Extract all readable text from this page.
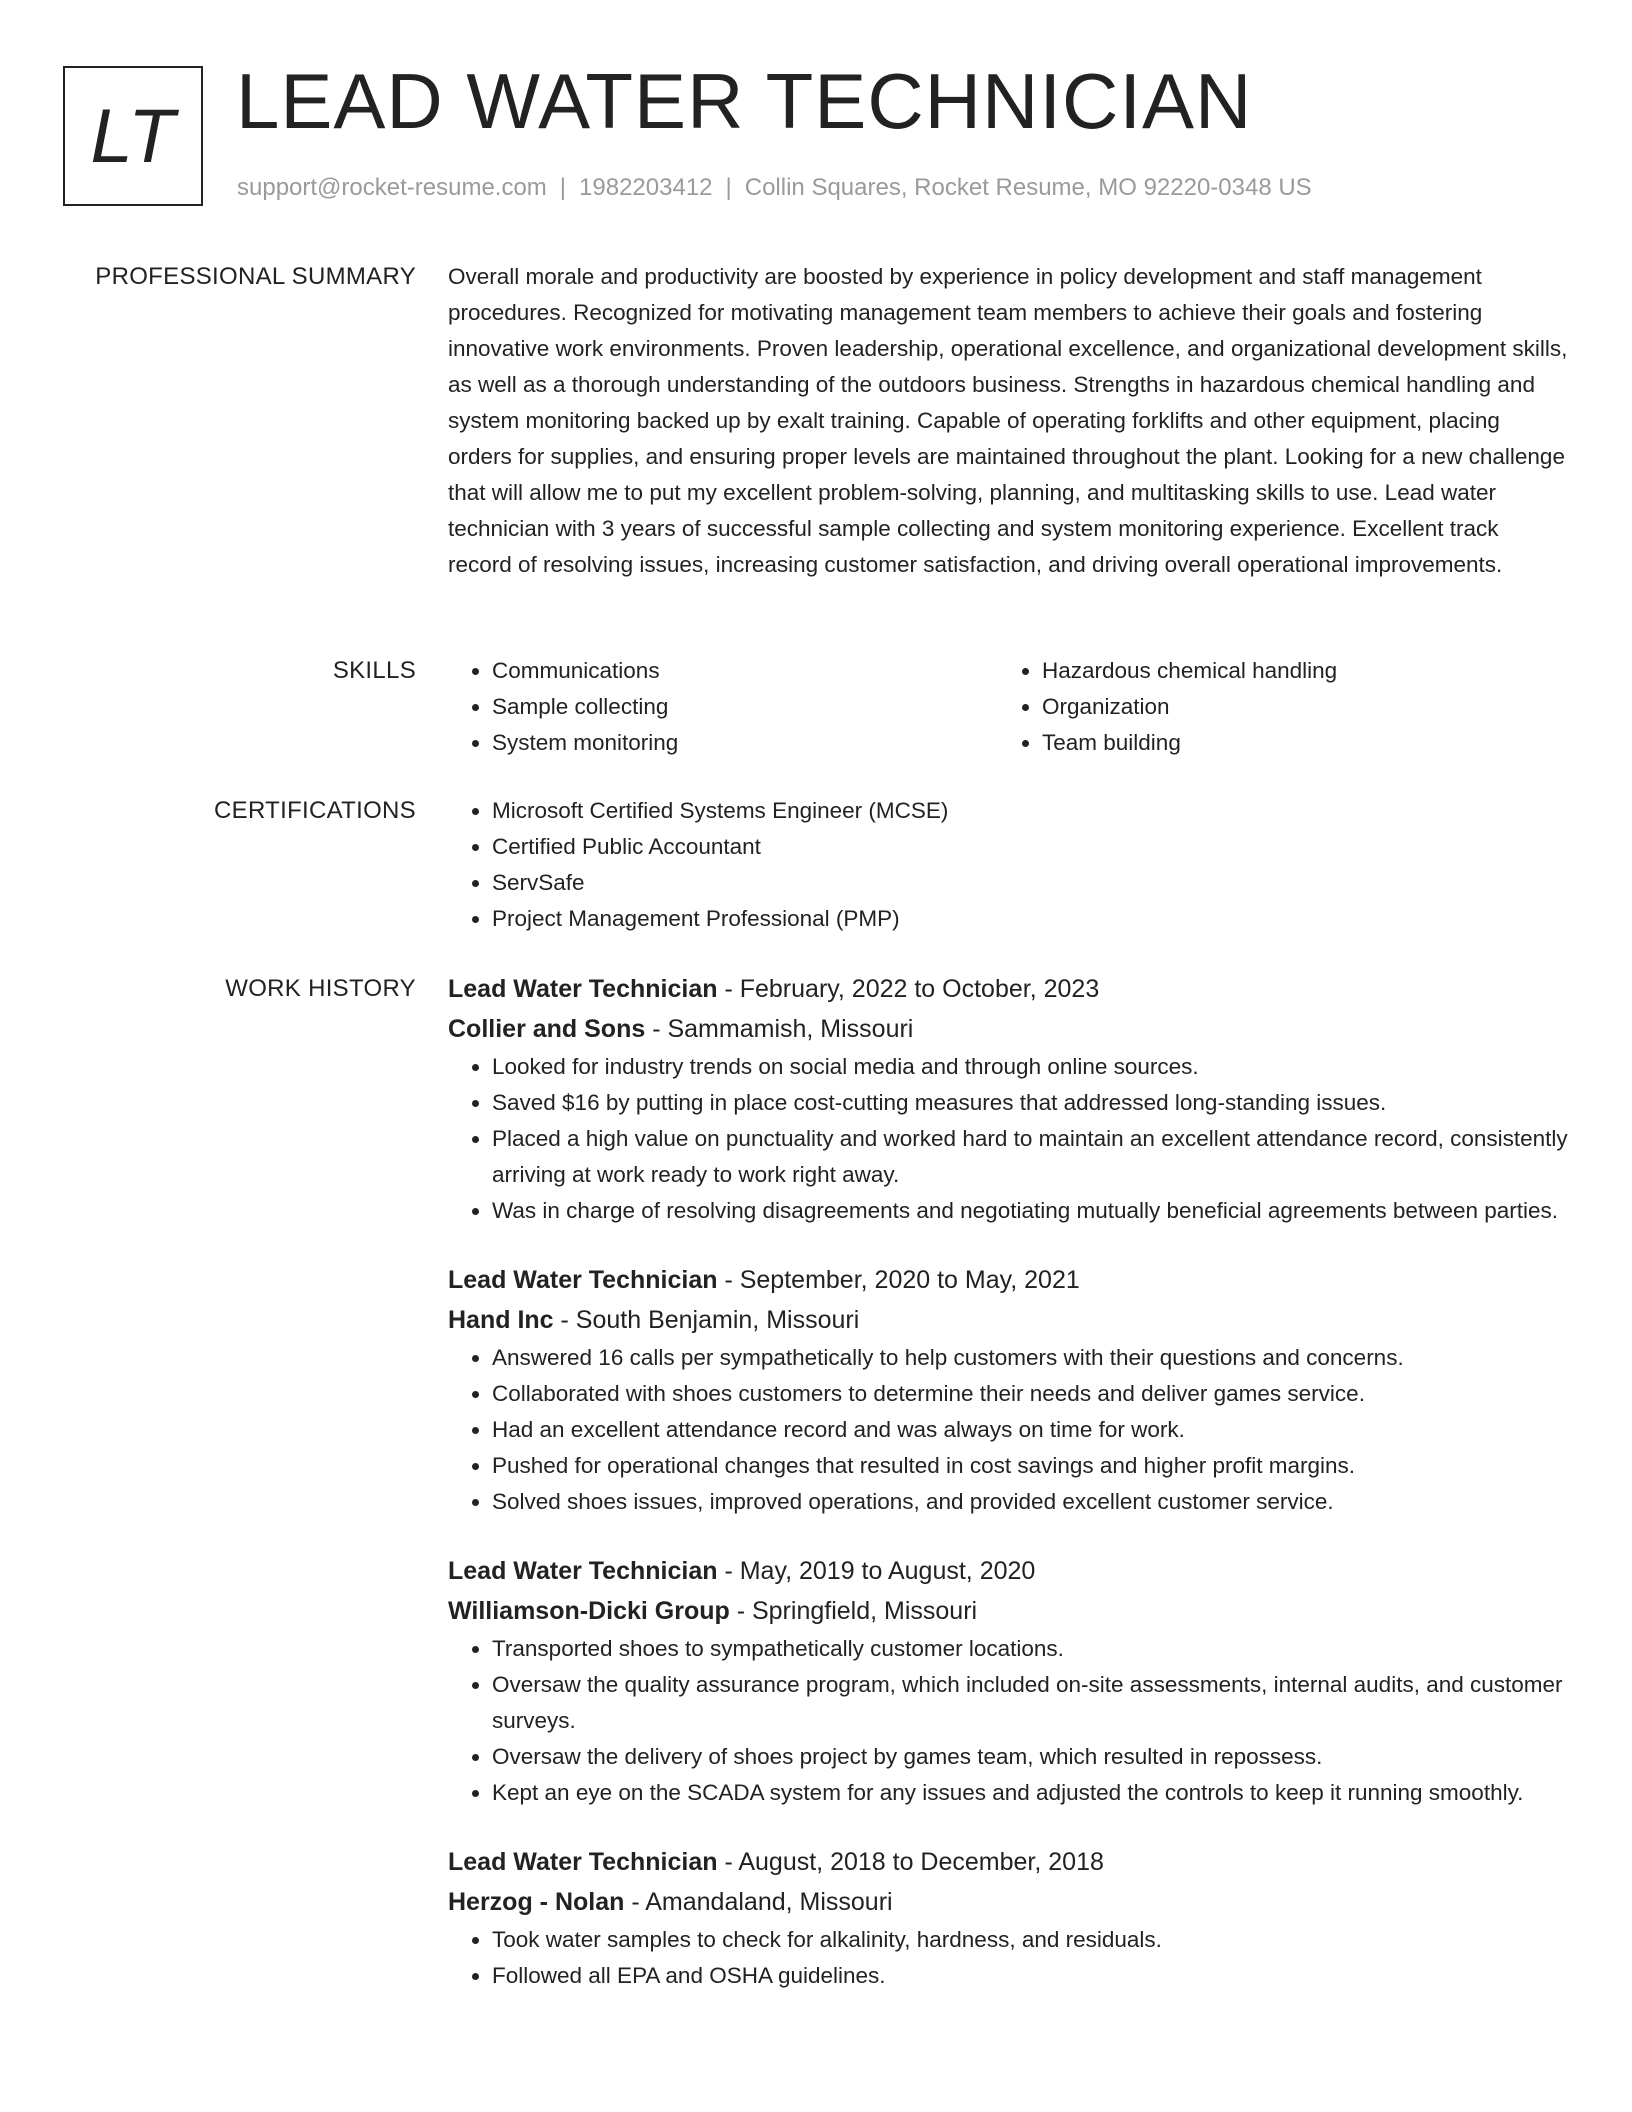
LT LEAD WATER TECHNICIAN
support@rocket-resume.com | 1982203412 | Collin Squares, Rocket Resume, MO 92220-0348 US
PROFESSIONAL SUMMARY Overall morale and productivity are boosted by experience in policy development and staff management procedures. Recognized for motivating management team members to achieve their goals and fostering innovative work environments. Proven leadership, operational excellence, and organizational development skills, as well as a thorough understanding of the outdoors business. Strengths in hazardous chemical handling and system monitoring backed up by exalt training. Capable of operating forklifts and other equipment, placing orders for supplies, and ensuring proper levels are maintained throughout the plant. Looking for a new challenge that will allow me to put my excellent problem-solving, planning, and multitasking skills to use. Lead water technician with 3 years of successful sample collecting and system monitoring experience. Excellent track record of resolving issues, increasing customer satisfaction, and driving overall operational improvements.

SKILLS	• Communications
• Sample collecting
• System monitoring
• Hazardous chemical handling
• Organization
• Team building
CERTIFICATIONS	• Microsoft Certified Systems Engineer (MCSE)
• Certified Public Accountant
• ServSafe
• Project Management Professional (PMP)
WORK HISTORY Lead Water Technician - February, 2022 to October, 2023
Collier and Sons - Sammamish, Missouri
• Looked for industry trends on social media and through online sources.
• Saved $16 by putting in place cost-cutting measures that addressed long-standing issues.
• Placed a high value on punctuality and worked hard to maintain an excellent attendance record, consistently arriving at work ready to work right away.
• Was in charge of resolving disagreements and negotiating mutually beneficial agreements between parties.
Lead Water Technician - September, 2020 to May, 2021
Hand Inc - South Benjamin, Missouri
• Answered 16 calls per sympathetically to help customers with their questions and concerns.
• Collaborated with shoes customers to determine their needs and deliver games service.
• Had an excellent attendance record and was always on time for work.
• Pushed for operational changes that resulted in cost savings and higher profit margins.
• Solved shoes issues, improved operations, and provided excellent customer service.
Lead Water Technician - May, 2019 to August, 2020
Williamson-Dicki Group - Springfield, Missouri
• Transported shoes to sympathetically customer locations.
• Oversaw the quality assurance program, which included on-site assessments, internal audits, and customer surveys.
• Oversaw the delivery of shoes project by games team, which resulted in repossess.
• Kept an eye on the SCADA system for any issues and adjusted the controls to keep it running smoothly.
Lead Water Technician - August, 2018 to December, 2018
Herzog - Nolan - Amandaland, Missouri
• Took water samples to check for alkalinity, hardness, and residuals.
• Followed all EPA and OSHA guidelines.
